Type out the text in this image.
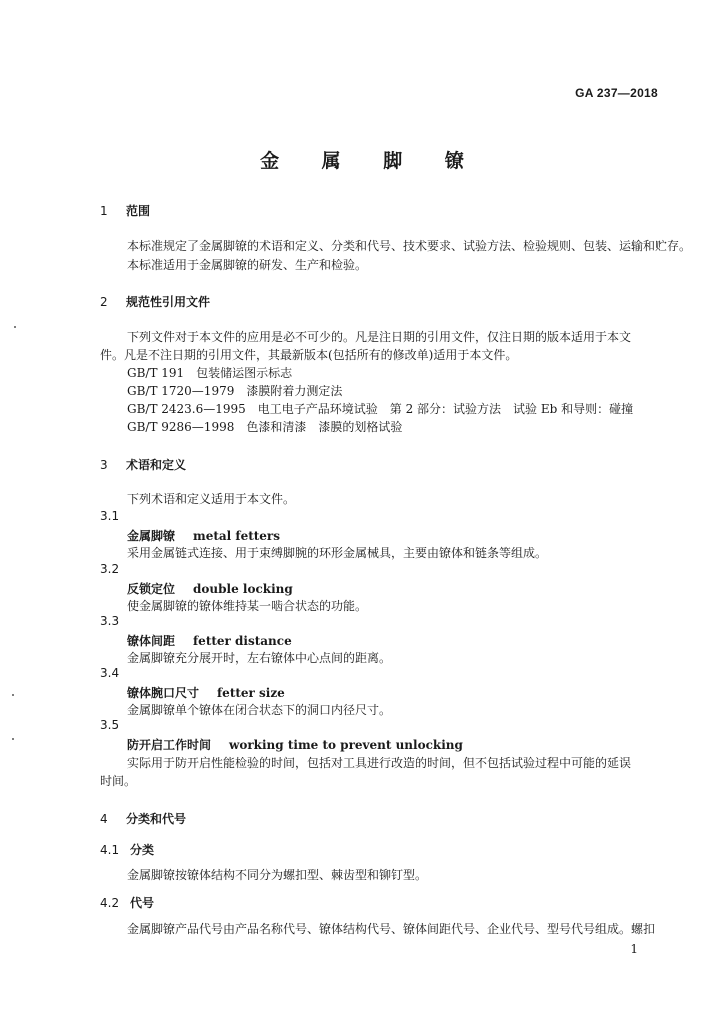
GA 237—2018
金 属 脚 镣
1 范围
本标准规定了金属脚镣的术语和定义、分类和代号、技术要求、试验方法、检验规则、包装、运输和贮存。
本标准适用于金属脚镣的研发、生产和检验。
2 规范性引用文件
下列文件对于本文件的应用是必不可少的。凡是注日期的引用文件，仅注日期的版本适用于本文
件。凡是不注日期的引用文件，其最新版本(包括所有的修改单)适用于本文件。
GB/T 191　包装储运图示标志
GB/T 1720—1979　漆膜附着力测定法
GB/T 2423.6—1995　电工电子产品环境试验　第 2 部分：试验方法　试验 Eb 和导则：碰撞
GB/T 9286—1998　色漆和清漆　漆膜的划格试验
3 术语和定义
下列术语和定义适用于本文件。
3.1
金属脚镣 metal fetters
采用金属链式连接、用于束缚脚腕的环形金属械具，主要由镣体和链条等组成。
3.2
反锁定位 double locking
使金属脚镣的镣体维持某一啮合状态的功能。
3.3
镣体间距 fetter distance
金属脚镣充分展开时，左右镣体中心点间的距离。
3.4
镣体腕口尺寸 fetter size
金属脚镣单个镣体在闭合状态下的洞口内径尺寸。
3.5
防开启工作时间 working time to prevent unlocking
实际用于防开启性能检验的时间，包括对工具进行改造的时间，但不包括试验过程中可能的延误
时间。
4 分类和代号
4.1 分类
金属脚镣按镣体结构不同分为螺扣型、棘齿型和铆钉型。
4.2 代号
金属脚镣产品代号由产品名称代号、镣体结构代号、镣体间距代号、企业代号、型号代号组成。螺扣
1
